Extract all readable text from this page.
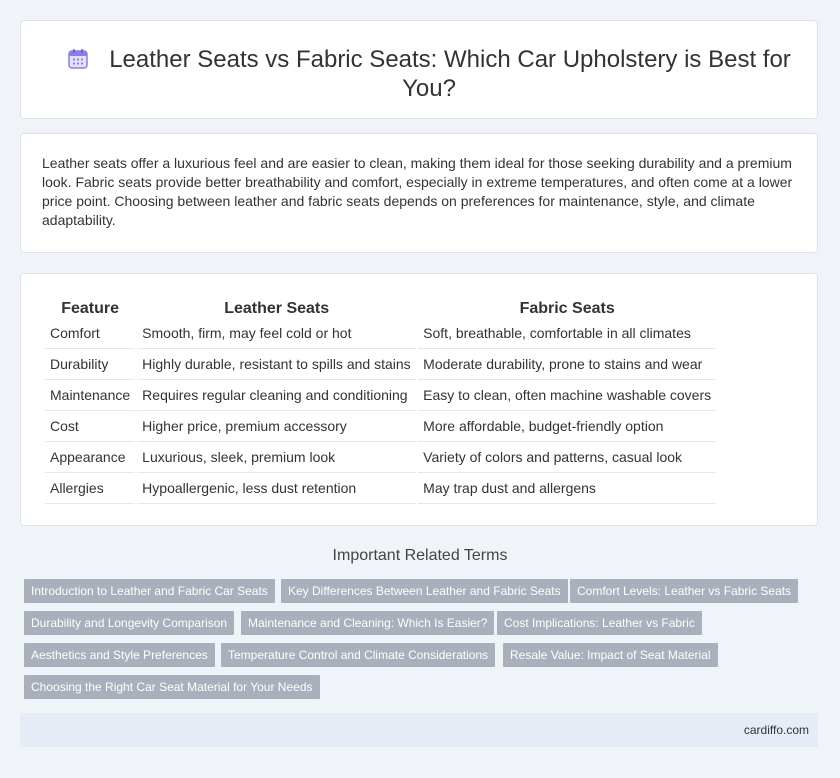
Leather Seats vs Fabric Seats: Which Car Upholstery is Best for You?
Leather seats offer a luxurious feel and are easier to clean, making them ideal for those seeking durability and a premium look. Fabric seats provide better breathability and comfort, especially in extreme temperatures, and often come at a lower price point. Choosing between leather and fabric seats depends on preferences for maintenance, style, and climate adaptability.
Feature	Leather Seats	Fabric Seats
Comfort	Smooth, firm, may feel cold or hot	Soft, breathable, comfortable in all climates
Durability	Highly durable, resistant to spills and stains	Moderate durability, prone to stains and wear
Maintenance	Requires regular cleaning and conditioning	Easy to clean, often machine washable covers
Cost	Higher price, premium accessory	More affordable, budget-friendly option
Appearance	Luxurious, sleek, premium look	Variety of colors and patterns, casual look
Allergies	Hypoallergenic, less dust retention	May trap dust and allergens
Important Related Terms
Introduction to Leather and Fabric Car Seats	Key Differences Between Leather and Fabric Seats	Comfort Levels: Leather vs Fabric Seats
Durability and Longevity Comparison	Maintenance and Cleaning: Which Is Easier?	Cost Implications: Leather vs Fabric
Aesthetics and Style Preferences	Temperature Control and Climate Considerations	Resale Value: Impact of Seat Material
Choosing the Right Car Seat Material for Your Needs
cardiffo.com
